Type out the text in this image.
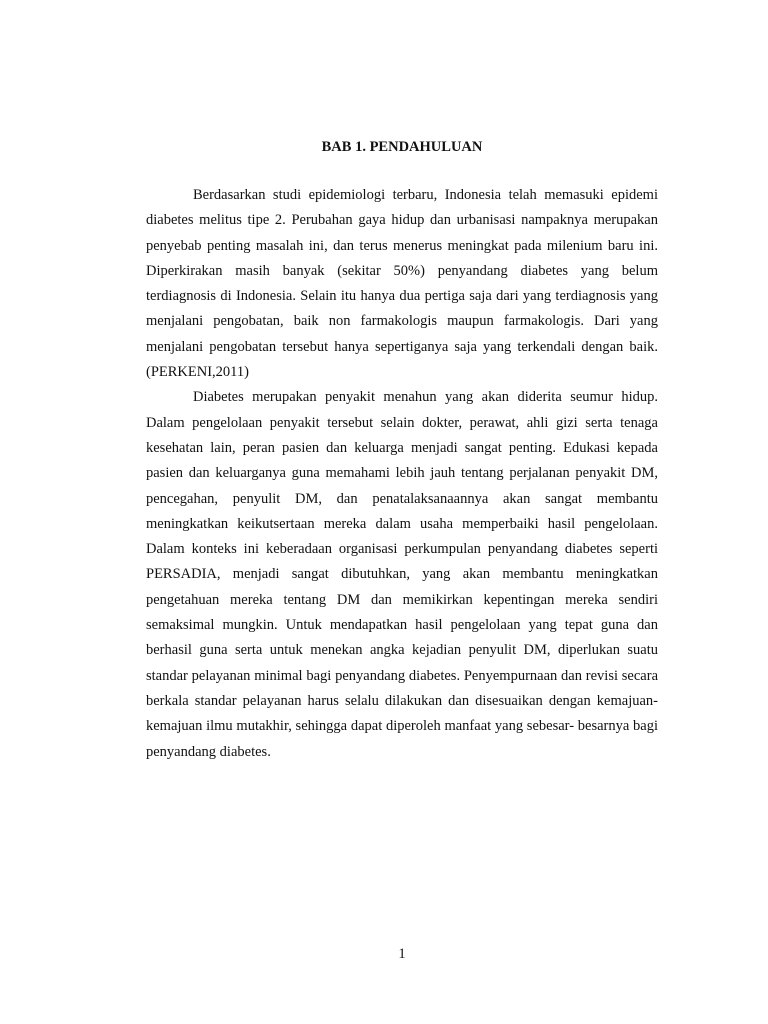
BAB 1. PENDAHULUAN

Berdasarkan studi epidemiologi terbaru, Indonesia telah memasuki epidemi diabetes melitus tipe 2. Perubahan gaya hidup dan urbanisasi nampaknya merupakan penyebab penting masalah ini, dan terus menerus meningkat pada milenium baru ini. Diperkirakan masih banyak (sekitar 50%) penyandang diabetes yang belum terdiagnosis di Indonesia. Selain itu hanya dua pertiga saja dari yang terdiagnosis yang menjalani pengobatan, baik non farmakologis maupun farmakologis. Dari yang menjalani pengobatan tersebut hanya sepertiganya saja yang terkendali dengan baik. (PERKENI,2011)

Diabetes merupakan penyakit menahun yang akan diderita seumur hidup. Dalam pengelolaan penyakit tersebut selain dokter, perawat, ahli gizi serta tenaga kesehatan lain, peran pasien dan keluarga menjadi sangat penting. Edukasi kepada pasien dan keluarganya guna memahami lebih jauh tentang perjalanan penyakit DM, pencegahan, penyulit DM, dan penatalaksanaannya akan sangat membantu meningkatkan keikutsertaan mereka dalam usaha memperbaiki hasil pengelolaan. Dalam konteks ini keberadaan organisasi perkumpulan penyandang diabetes seperti PERSADIA, menjadi sangat dibutuhkan, yang akan membantu meningkatkan pengetahuan mereka tentang DM dan memikirkan kepentingan mereka sendiri semaksimal mungkin. Untuk mendapatkan hasil pengelolaan yang tepat guna dan berhasil guna serta untuk menekan angka kejadian penyulit DM, diperlukan suatu standar pelayanan minimal bagi penyandang diabetes. Penyempurnaan dan revisi secara berkala standar pelayanan harus selalu dilakukan dan disesuaikan dengan kemajuan-kemajuan ilmu mutakhir, sehingga dapat diperoleh manfaat yang sebesar- besarnya bagi penyandang diabetes.

1
